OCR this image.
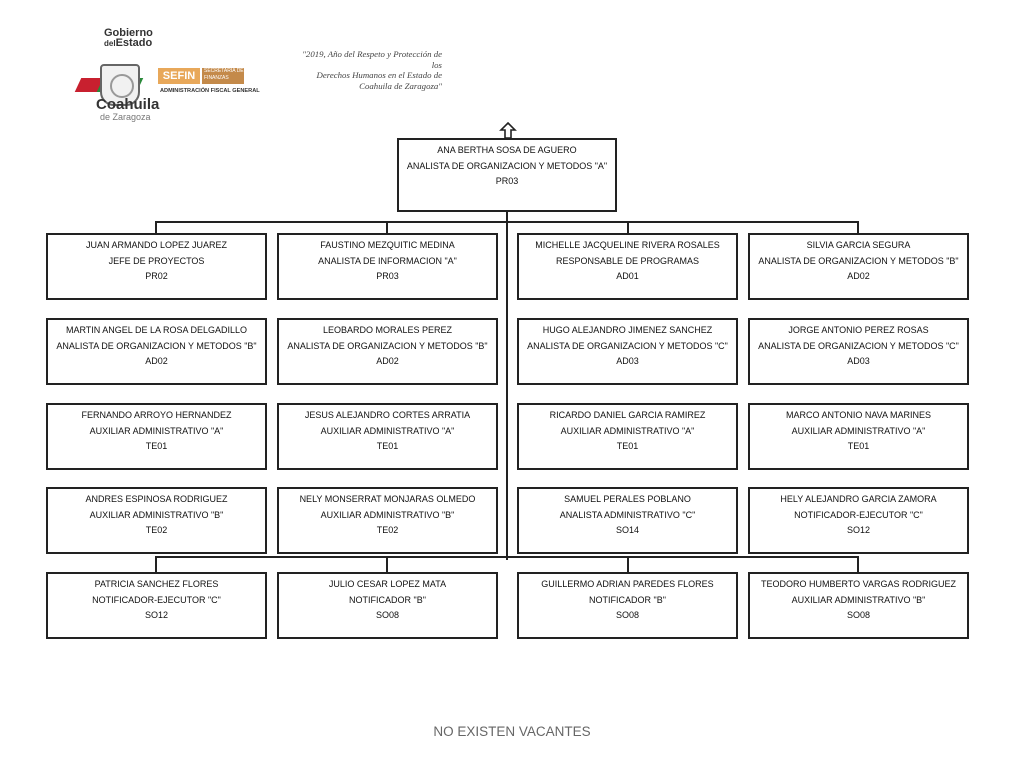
Gobierno
delEstado
Coahuila
de Zaragoza
SEFIN	SECRETARÍA DE FINANZAS
ADMINISTRACIÓN FISCAL GENERAL
"2019, Año del Respeto y Protección de los
Derechos Humanos en el Estado de
Coahuila de Zaragoza"
ANA BERTHA SOSA DE AGUERO
ANALISTA DE ORGANIZACION Y METODOS "A"
PR03
JUAN ARMANDO LOPEZ JUAREZ
JEFE DE PROYECTOS
PR02
FAUSTINO MEZQUITIC MEDINA
ANALISTA DE INFORMACION "A"
PR03
MICHELLE JACQUELINE RIVERA ROSALES
RESPONSABLE DE PROGRAMAS
AD01
SILVIA GARCIA SEGURA
ANALISTA DE ORGANIZACION Y METODOS "B"
AD02
MARTIN ANGEL DE LA ROSA DELGADILLO
ANALISTA DE ORGANIZACION Y METODOS "B"
AD02
LEOBARDO MORALES PEREZ
ANALISTA DE ORGANIZACION Y METODOS "B"
AD02
HUGO ALEJANDRO JIMENEZ SANCHEZ
ANALISTA DE ORGANIZACION Y METODOS "C"
AD03
JORGE ANTONIO PEREZ ROSAS
ANALISTA DE ORGANIZACION Y METODOS "C"
AD03
FERNANDO ARROYO HERNANDEZ
AUXILIAR ADMINISTRATIVO "A"
TE01
JESUS ALEJANDRO CORTES ARRATIA
AUXILIAR ADMINISTRATIVO "A"
TE01
RICARDO DANIEL GARCIA RAMIREZ
AUXILIAR ADMINISTRATIVO "A"
TE01
MARCO ANTONIO NAVA MARINES
AUXILIAR ADMINISTRATIVO "A"
TE01
ANDRES ESPINOSA RODRIGUEZ
AUXILIAR ADMINISTRATIVO "B"
TE02
NELY MONSERRAT MONJARAS OLMEDO
AUXILIAR ADMINISTRATIVO "B"
TE02
SAMUEL PERALES POBLANO
ANALISTA ADMINISTRATIVO "C"
SO14
HELY ALEJANDRO GARCIA ZAMORA
NOTIFICADOR-EJECUTOR "C"
SO12
PATRICIA SANCHEZ FLORES
NOTIFICADOR-EJECUTOR "C"
SO12
JULIO CESAR LOPEZ MATA
NOTIFICADOR "B"
SO08
GUILLERMO ADRIAN PAREDES FLORES
NOTIFICADOR "B"
SO08
TEODORO HUMBERTO VARGAS RODRIGUEZ
AUXILIAR ADMINISTRATIVO "B"
SO08
NO EXISTEN VACANTES
